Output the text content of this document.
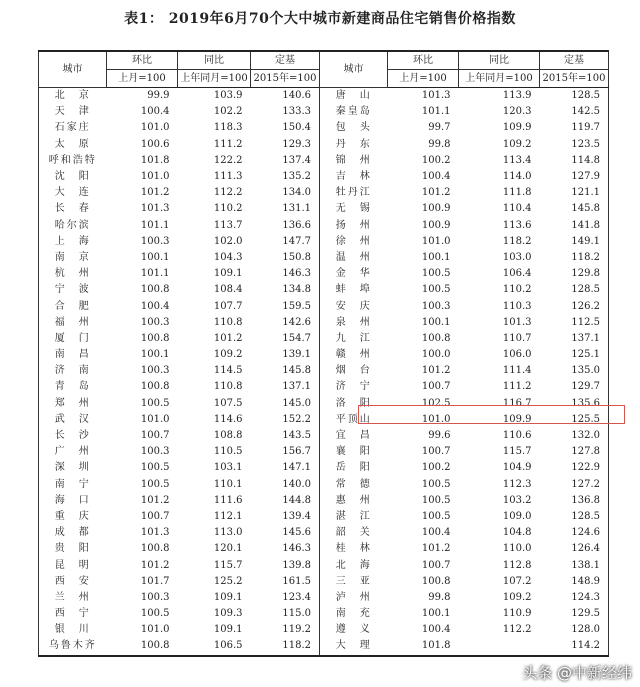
表1： 2019年6月70个大中城市新建商品住宅销售价格指数
城市	环比	同比	定基	城市	环比	同比	定基
	上月=100	上年同月=100	2015年=100		上月=100	上年同月=100	2015年=100
北　京	99.9	103.9	140.6	唐　山	101.3	113.9	128.5
天　津	100.4	102.2	133.3	秦皇岛	101.1	120.3	142.5
石家庄	101.0	118.3	150.4	包　头	99.7	109.9	119.7
太　原	100.6	111.2	129.3	丹　东	99.8	109.2	123.5
呼和浩特	101.8	122.2	137.4	锦　州	100.2	113.4	114.8
沈　阳	101.0	111.3	135.2	吉　林	100.4	114.0	127.9
大　连	101.2	112.2	134.0	牡丹江	101.2	111.8	121.1
长　春	101.3	110.2	131.1	无　锡	100.9	110.4	145.8
哈尔滨	101.1	113.7	136.6	扬　州	100.9	113.6	141.8
上　海	100.3	102.0	147.7	徐　州	101.0	118.2	149.1
南　京	100.1	104.3	150.8	温　州	100.1	103.0	118.2
杭　州	101.1	109.1	146.3	金　华	100.5	106.4	129.8
宁　波	100.8	108.4	134.8	蚌　埠	100.5	110.2	128.5
合　肥	100.4	107.7	159.5	安　庆	100.3	110.3	126.2
福　州	100.3	110.8	142.6	泉　州	100.1	101.3	112.5
厦　门	100.8	101.2	154.7	九　江	100.8	110.7	137.1
南　昌	100.1	109.2	139.1	赣　州	100.0	106.0	125.1
济　南	100.3	114.5	145.8	烟　台	101.2	111.4	135.0
青　岛	100.8	110.8	137.1	济　宁	100.7	111.2	129.7
郑　州	100.5	107.5	145.0	洛　阳	102.5	116.7	135.6
武　汉	101.0	114.6	152.2	平顶山	101.0	109.9	125.5
长　沙	100.7	108.8	143.5	宜　昌	99.6	110.6	132.0
广　州	100.3	110.5	156.7	襄　阳	100.7	115.7	127.8
深　圳	100.5	103.1	147.1	岳　阳	100.2	104.9	122.9
南　宁	100.5	110.1	140.0	常　德	100.5	112.3	127.2
海　口	101.2	111.6	144.8	惠　州	100.5	103.2	136.8
重　庆	100.7	112.1	139.4	湛　江	100.5	109.0	128.5
成　都	101.3	113.0	145.6	韶　关	100.4	104.8	124.6
贵　阳	100.8	120.1	146.3	桂　林	101.2	110.0	126.4
昆　明	101.2	115.7	139.8	北　海	100.7	112.8	138.1
西　安	101.7	125.2	161.5	三　亚	100.8	107.2	148.9
兰　州	100.3	109.1	123.4	泸　州	99.8	109.2	124.3
西　宁	100.5	109.3	115.0	南　充	100.1	110.9	129.5
银　川	101.0	109.1	119.2	遵　义	100.4	112.2	128.0
乌鲁木齐	100.8	106.5	118.2	大　理	101.8		114.2
头条 @中新经纬
